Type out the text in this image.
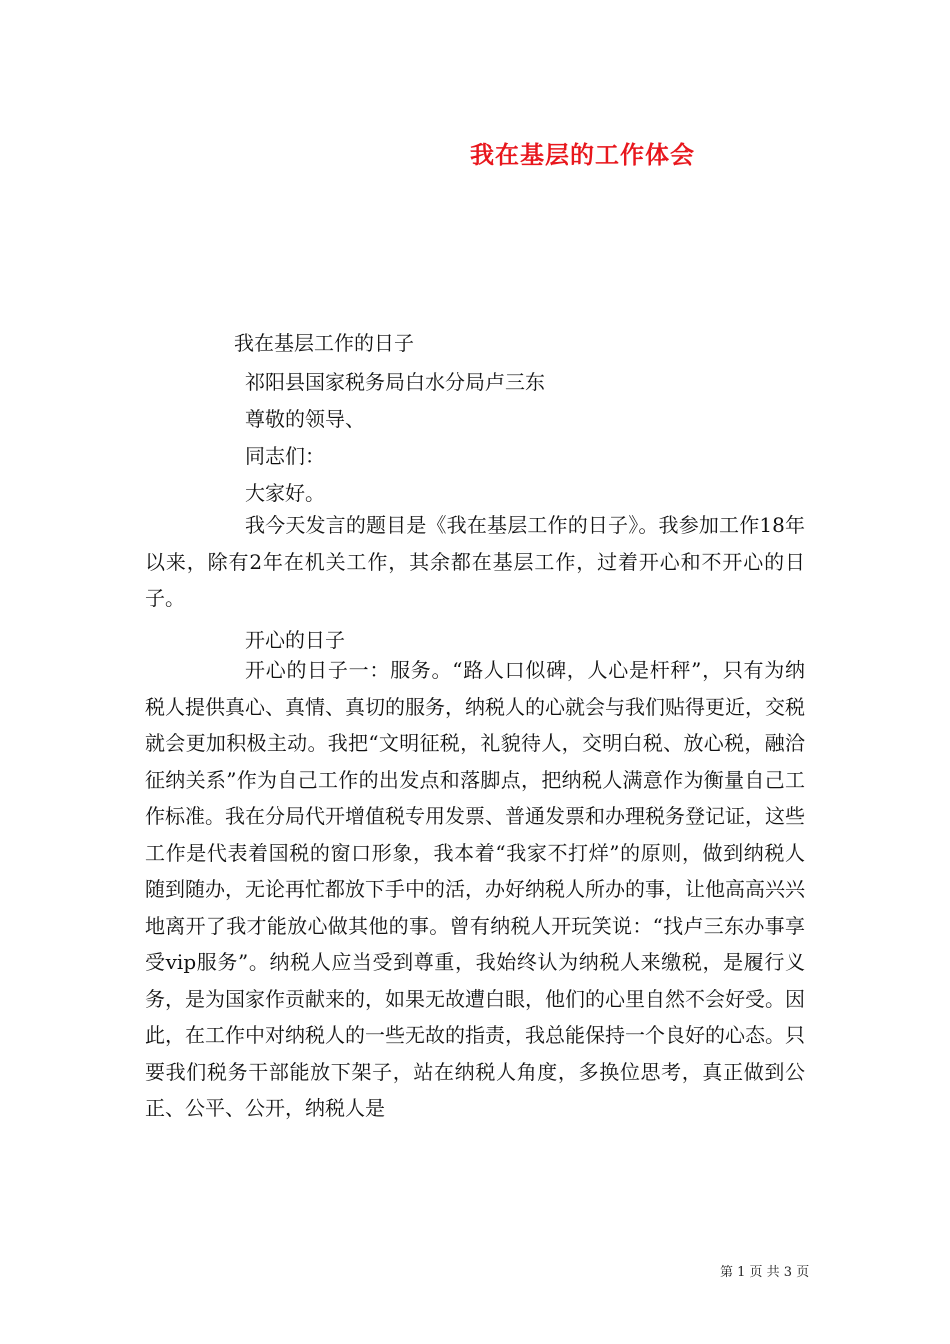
我在基层的工作体会
我在基层工作的日子
祁阳县国家税务局白水分局卢三东
尊敬的领导、
同志们：
大家好。
我今天发言的题目是《我在基层工作的日子》。我参加工作18年以来，除有2年在机关工作，其余都在基层工作，过着开心和不开心的日子。
开心的日子
开心的日子一：服务。“路人口似碑，人心是杆秤”，只有为纳税人提供真心、真情、真切的服务，纳税人的心就会与我们贴得更近，交税就会更加积极主动。我把“文明征税，礼貌待人，交明白税、放心税，融洽征纳关系”作为自己工作的出发点和落脚点，把纳税人满意作为衡量自己工作标准。我在分局代开增值税专用发票、普通发票和办理税务登记证，这些工作是代表着国税的窗口形象，我本着“我家不打烊”的原则，做到纳税人随到随办，无论再忙都放下手中的活，办好纳税人所办的事，让他高高兴兴地离开了我才能放心做其他的事。曾有纳税人开玩笑说：“找卢三东办事享受vip服务”。纳税人应当受到尊重，我始终认为纳税人来缴税，是履行义务，是为国家作贡献来的，如果无故遭白眼，他们的心里自然不会好受。因此，在工作中对纳税人的一些无故的指责，我总能保持一个良好的心态。只要我们税务干部能放下架子，站在纳税人角度，多换位思考，真正做到公正、公平、公开，纳税人是
第 1 页 共 3 页
